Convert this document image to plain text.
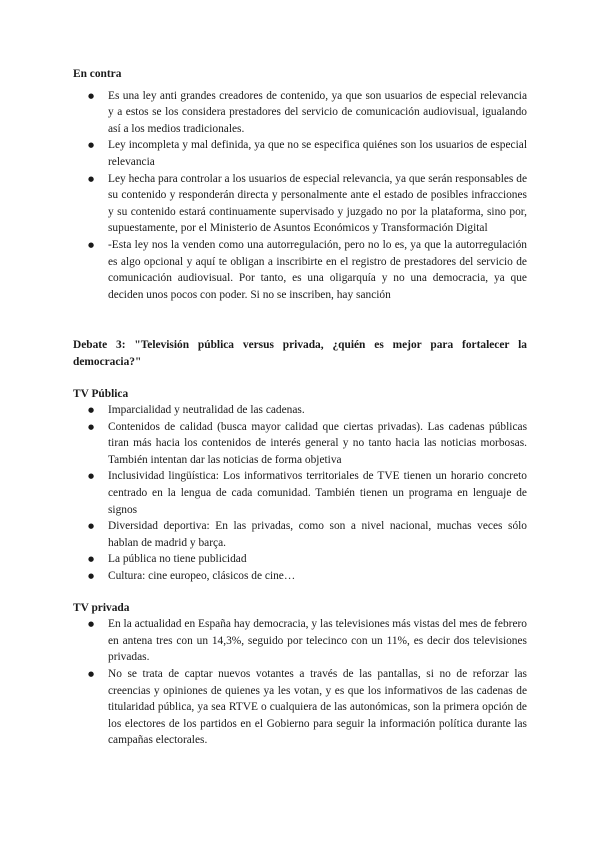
En contra
● Es una ley anti grandes creadores de contenido, ya que son usuarios de especial relevancia y a estos se los considera prestadores del servicio de comunicación audiovisual, igualando así a los medios tradicionales.
● Ley incompleta y mal definida, ya que no se especifica quiénes son los usuarios de especial relevancia
● Ley hecha para controlar a los usuarios de especial relevancia, ya que serán responsables de su contenido y responderán directa y personalmente ante el estado de posibles infracciones y su contenido estará continuamente supervisado y juzgado no por la plataforma, sino por, supuestamente, por el Ministerio de Asuntos Económicos y Transformación Digital
● -Esta ley nos la venden como una autorregulación, pero no lo es, ya que la autorregulación es algo opcional y aquí te obligan a inscribirte en el registro de prestadores del servicio de comunicación audiovisual. Por tanto, es una oligarquía y no una democracia, ya que deciden unos pocos con poder. Si no se inscriben, hay sanción
Debate 3: "Televisión pública versus privada, ¿quién es mejor para fortalecer la democracia?"
TV Pública
● Imparcialidad y neutralidad de las cadenas.
● Contenidos de calidad (busca mayor calidad que ciertas privadas). Las cadenas públicas tiran más hacia los contenidos de interés general y no tanto hacia las noticias morbosas. También intentan dar las noticias de forma objetiva
● Inclusividad lingüística: Los informativos territoriales de TVE tienen un horario concreto centrado en la lengua de cada comunidad. También tienen un programa en lenguaje de signos
● Diversidad deportiva: En las privadas, como son a nivel nacional, muchas veces sólo hablan de madrid y barça.
● La pública no tiene publicidad
● Cultura: cine europeo, clásicos de cine…
TV privada
● En la actualidad en España hay democracia, y las televisiones más vistas del mes de febrero en antena tres con un 14,3%, seguido por telecinco con un 11%, es decir dos televisiones privadas.
● No se trata de captar nuevos votantes a través de las pantallas, si no de reforzar las creencias y opiniones de quienes ya les votan, y es que los informativos de las cadenas de titularidad pública, ya sea RTVE o cualquiera de las autonómicas, son la primera opción de los electores de los partidos en el Gobierno para seguir la información política durante las campañas electorales.
